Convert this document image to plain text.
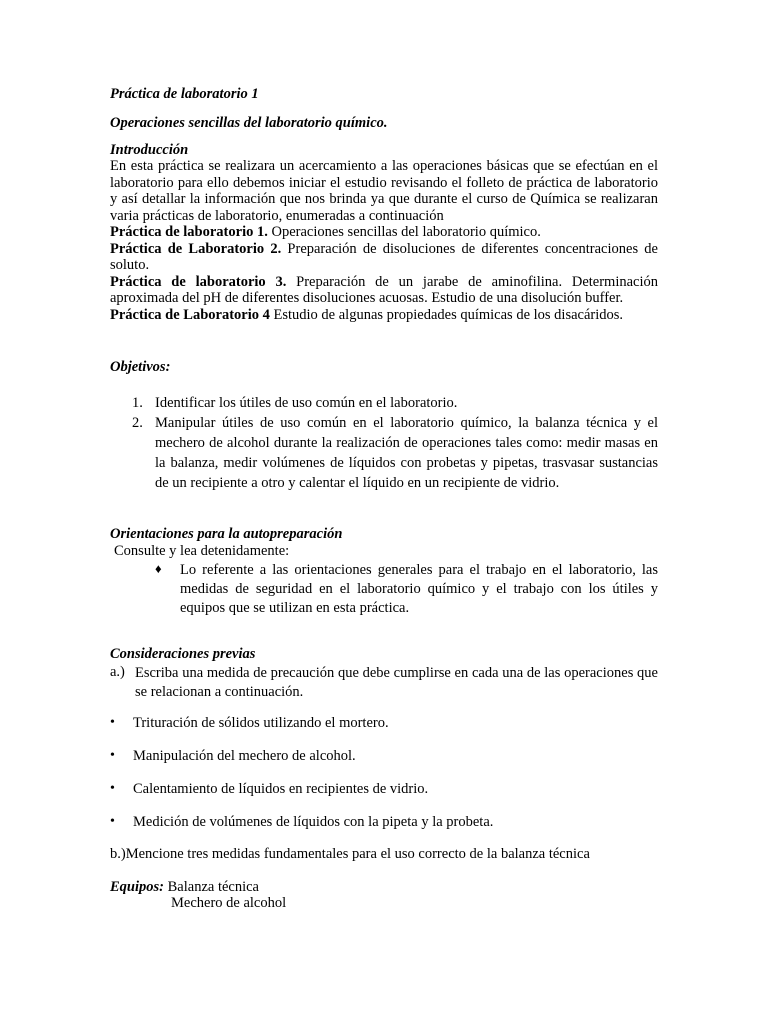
Práctica de laboratorio 1
Operaciones sencillas del laboratorio químico.
Introducción

En esta práctica se realizara un acercamiento a las operaciones básicas que se efectúan en el laboratorio para ello debemos iniciar el estudio revisando el folleto de práctica de laboratorio y así detallar la información que nos brinda ya que durante el curso de Química se realizaran varia prácticas de laboratorio, enumeradas a continuación

Práctica de laboratorio 1. Operaciones sencillas del laboratorio químico.

Práctica de Laboratorio 2. Preparación de disoluciones de diferentes concentraciones de soluto.

Práctica de laboratorio 3. Preparación de un jarabe de aminofilina. Determinación aproximada del pH de diferentes disoluciones acuosas. Estudio de una disolución buffer.

Práctica de Laboratorio 4 Estudio de algunas propiedades químicas de los disacáridos.

Objetivos:
1. Identificar los útiles de uso común en el laboratorio.
2. Manipular útiles de uso común en el laboratorio químico, la balanza técnica y el mechero de alcohol durante la realización de operaciones tales como: medir masas en la balanza, medir volúmenes de líquidos con probetas y pipetas, trasvasar sustancias de un recipiente a otro y calentar el líquido en un recipiente de vidrio.
Orientaciones para la autopreparación
Consulte y lea detenidamente:
♦ Lo referente a las orientaciones generales para el trabajo en el laboratorio, las medidas de seguridad en el laboratorio químico y el trabajo con los útiles y equipos que se utilizan en esta práctica.
Consideraciones previas
a.) Escriba una medida de precaución que debe cumplirse en cada una de las operaciones que se relacionan a continuación.
• Trituración de sólidos utilizando el mortero.
• Manipulación del mechero de alcohol.
• Calentamiento de líquidos en recipientes de vidrio.
• Medición de volúmenes de líquidos con la pipeta y la probeta.
b.)Mencione tres medidas fundamentales para el uso correcto de la balanza técnica
Equipos: Balanza técnica
Mechero de alcohol
